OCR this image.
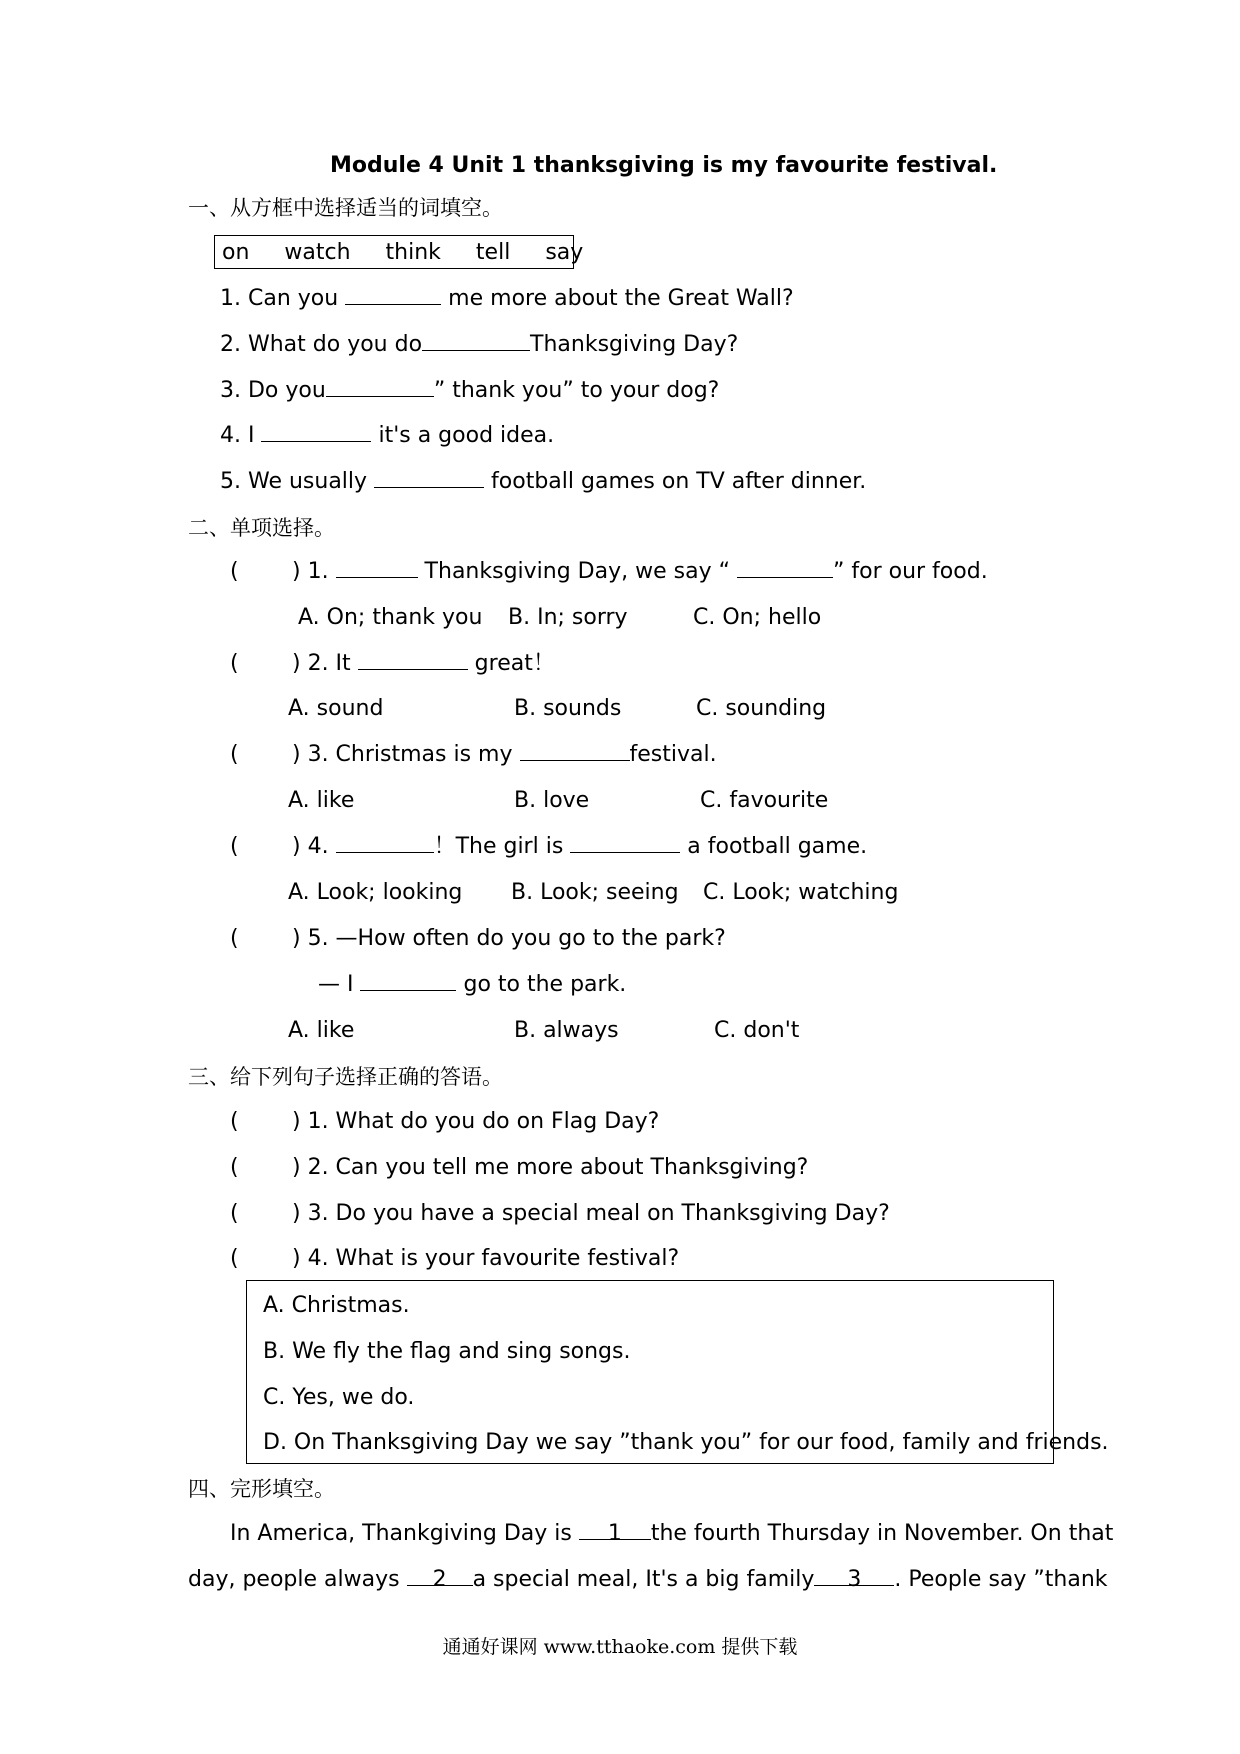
Module 4 Unit 1 thanksgiving is my favourite festival.
一、从方框中选择适当的词填空。
on watch think tell say
1. Can you	me more about the Great Wall?
2. What do you do	Thanksgiving Day?
3. Do you	” thank you” to your dog?
4. I	it's a good idea.
5. We usually	football games on TV after dinner.
二、单项选择。
( ) 1.	Thanksgiving Day, we say “	” for our food.
A. On; thank you B. In; sorry	C. On; hello
( ) 2. It	great！
A. sound	B. sounds	C. sounding
( ) 3. Christmas is my	festival.
A. like	B. love	C. favourite
( ) 4.	！The girl is	a football game.
A. Look; looking B. Look; seeing C. Look; watching
( ) 5. —How often do you go to the park?
— I	go to the park.
A. like	B. always	C. don't
三、给下列句子选择正确的答语。
( ) 1. What do you do on Flag Day?
( ) 2. Can you tell me more about Thanksgiving?
( ) 3. Do you have a special meal on Thanksgiving Day?
( ) 4. What is your favourite festival?
A. Christmas.
B. We fly the flag and sing songs.
C. Yes, we do.
D. On Thanksgiving Day we say ”thank you” for our food, family and friends.
四、完形填空。
In America, Thankgiving Day is 1 the fourth Thursday in November. On that
day, people always 2 a special meal, It's a big family 3 . People say ”thank
通通好课网 www.tthaoke.com 提供下载
